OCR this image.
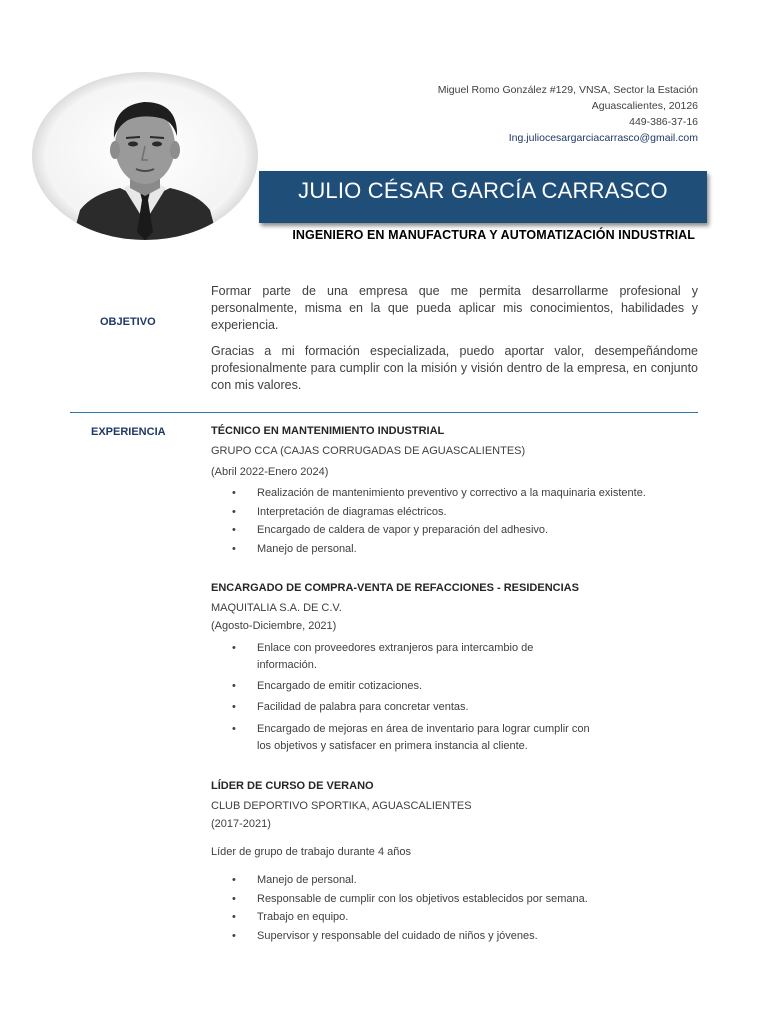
Miguel Romo González #129, VNSA, Sector la Estación
Aguascalientes, 20126
449-386-37-16
Ing.juliocesargarciacarrasco@gmail.com
JULIO CÉSAR GARCÍA CARRASCO
INGENIERO EN MANUFACTURA Y AUTOMATIZACIÓN INDUSTRIAL
OBJETIVO

Formar parte de una empresa que me permita desarrollarme profesional y personalmente, misma en la que pueda aplicar mis conocimientos, habilidades y experiencia.

Gracias a mi formación especializada, puedo aportar valor, desempeñándome profesionalmente para cumplir con la misión y visión dentro de la empresa, en conjunto con mis valores.

EXPERIENCIA	TÉCNICO EN MANTENIMIENTO INDUSTRIAL
GRUPO CCA (CAJAS CORRUGADAS DE AGUASCALIENTES)
(Abril 2022-Enero 2024)
• Realización de mantenimiento preventivo y correctivo a la maquinaria existente.
• Interpretación de diagramas eléctricos.
• Encargado de caldera de vapor y preparación del adhesivo.
• Manejo de personal.
ENCARGADO DE COMPRA-VENTA DE REFACCIONES - RESIDENCIAS
MAQUITALIA S.A. DE C.V.
(Agosto-Diciembre, 2021)
• Enlace con proveedores extranjeros para intercambio de información.
• Encargado de emitir cotizaciones.
• Facilidad de palabra para concretar ventas.
• Encargado de mejoras en área de inventario para lograr cumplir con los objetivos y satisfacer en primera instancia al cliente.
LÍDER DE CURSO DE VERANO
CLUB DEPORTIVO SPORTIKA, AGUASCALIENTES
(2017-2021)
Líder de grupo de trabajo durante 4 años
• Manejo de personal.
• Responsable de cumplir con los objetivos establecidos por semana.
• Trabajo en equipo.
• Supervisor y responsable del cuidado de niños y jóvenes.
